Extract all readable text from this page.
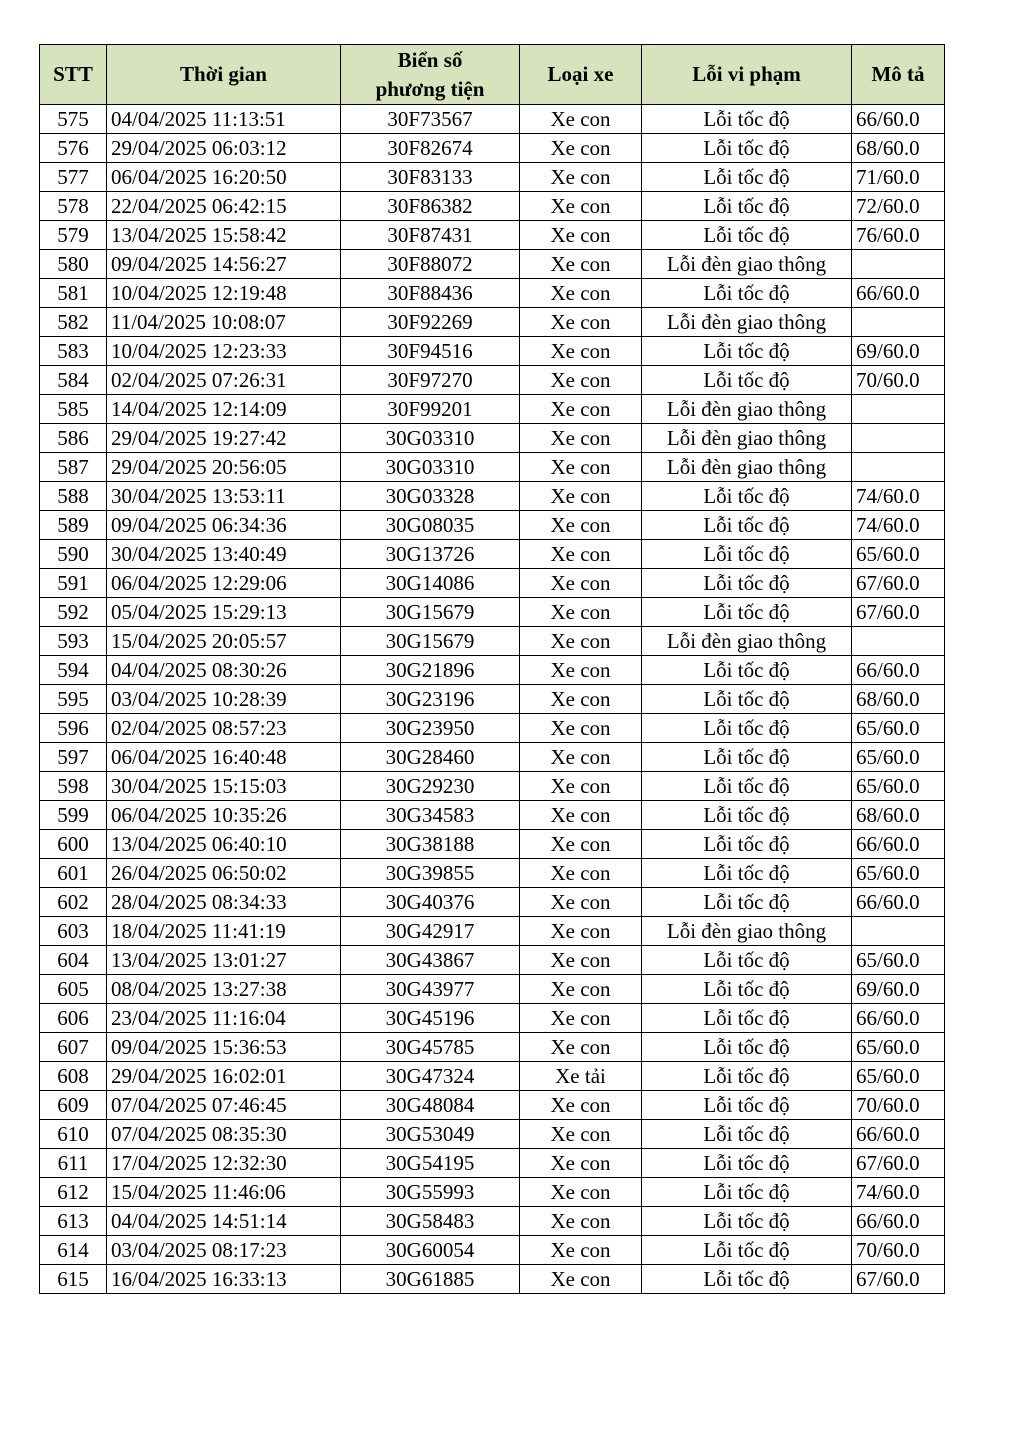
STT	Thời gian	Biển số
phương tiện	Loại xe	Lỗi vi phạm	Mô tả
575	04/04/2025 11:13:51	30F73567	Xe con	Lỗi tốc độ	66/60.0
576	29/04/2025 06:03:12	30F82674	Xe con	Lỗi tốc độ	68/60.0
577	06/04/2025 16:20:50	30F83133	Xe con	Lỗi tốc độ	71/60.0
578	22/04/2025 06:42:15	30F86382	Xe con	Lỗi tốc độ	72/60.0
579	13/04/2025 15:58:42	30F87431	Xe con	Lỗi tốc độ	76/60.0
580	09/04/2025 14:56:27	30F88072	Xe con	Lỗi đèn giao thông	
581	10/04/2025 12:19:48	30F88436	Xe con	Lỗi tốc độ	66/60.0
582	11/04/2025 10:08:07	30F92269	Xe con	Lỗi đèn giao thông	
583	10/04/2025 12:23:33	30F94516	Xe con	Lỗi tốc độ	69/60.0
584	02/04/2025 07:26:31	30F97270	Xe con	Lỗi tốc độ	70/60.0
585	14/04/2025 12:14:09	30F99201	Xe con	Lỗi đèn giao thông	
586	29/04/2025 19:27:42	30G03310	Xe con	Lỗi đèn giao thông	
587	29/04/2025 20:56:05	30G03310	Xe con	Lỗi đèn giao thông	
588	30/04/2025 13:53:11	30G03328	Xe con	Lỗi tốc độ	74/60.0
589	09/04/2025 06:34:36	30G08035	Xe con	Lỗi tốc độ	74/60.0
590	30/04/2025 13:40:49	30G13726	Xe con	Lỗi tốc độ	65/60.0
591	06/04/2025 12:29:06	30G14086	Xe con	Lỗi tốc độ	67/60.0
592	05/04/2025 15:29:13	30G15679	Xe con	Lỗi tốc độ	67/60.0
593	15/04/2025 20:05:57	30G15679	Xe con	Lỗi đèn giao thông	
594	04/04/2025 08:30:26	30G21896	Xe con	Lỗi tốc độ	66/60.0
595	03/04/2025 10:28:39	30G23196	Xe con	Lỗi tốc độ	68/60.0
596	02/04/2025 08:57:23	30G23950	Xe con	Lỗi tốc độ	65/60.0
597	06/04/2025 16:40:48	30G28460	Xe con	Lỗi tốc độ	65/60.0
598	30/04/2025 15:15:03	30G29230	Xe con	Lỗi tốc độ	65/60.0
599	06/04/2025 10:35:26	30G34583	Xe con	Lỗi tốc độ	68/60.0
600	13/04/2025 06:40:10	30G38188	Xe con	Lỗi tốc độ	66/60.0
601	26/04/2025 06:50:02	30G39855	Xe con	Lỗi tốc độ	65/60.0
602	28/04/2025 08:34:33	30G40376	Xe con	Lỗi tốc độ	66/60.0
603	18/04/2025 11:41:19	30G42917	Xe con	Lỗi đèn giao thông	
604	13/04/2025 13:01:27	30G43867	Xe con	Lỗi tốc độ	65/60.0
605	08/04/2025 13:27:38	30G43977	Xe con	Lỗi tốc độ	69/60.0
606	23/04/2025 11:16:04	30G45196	Xe con	Lỗi tốc độ	66/60.0
607	09/04/2025 15:36:53	30G45785	Xe con	Lỗi tốc độ	65/60.0
608	29/04/2025 16:02:01	30G47324	Xe tải	Lỗi tốc độ	65/60.0
609	07/04/2025 07:46:45	30G48084	Xe con	Lỗi tốc độ	70/60.0
610	07/04/2025 08:35:30	30G53049	Xe con	Lỗi tốc độ	66/60.0
611	17/04/2025 12:32:30	30G54195	Xe con	Lỗi tốc độ	67/60.0
612	15/04/2025 11:46:06	30G55993	Xe con	Lỗi tốc độ	74/60.0
613	04/04/2025 14:51:14	30G58483	Xe con	Lỗi tốc độ	66/60.0
614	03/04/2025 08:17:23	30G60054	Xe con	Lỗi tốc độ	70/60.0
615	16/04/2025 16:33:13	30G61885	Xe con	Lỗi tốc độ	67/60.0
